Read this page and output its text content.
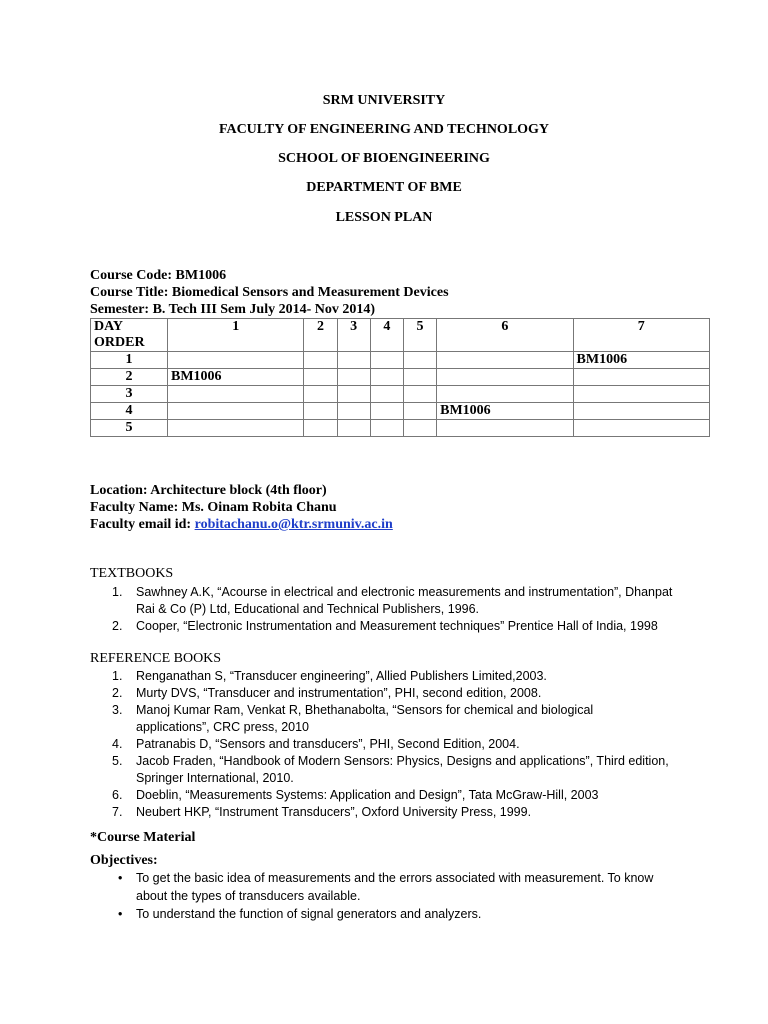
SRM UNIVERSITY
FACULTY OF ENGINEERING AND TECHNOLOGY
SCHOOL OF BIOENGINEERING
DEPARTMENT OF BME
LESSON PLAN
Course Code: BM1006
Course Title: Biomedical Sensors and Measurement Devices
Semester: B. Tech III Sem July 2014- Nov 2014)
DAY ORDER	1	2	3	4	5	6	7
1							BM1006
2	BM1006						
3							
4						BM1006	
5							
Location: Architecture block (4th floor)
Faculty Name: Ms. Oinam Robita Chanu
Faculty email id: robitachanu.o@ktr.srmuniv.ac.in
TEXTBOOKS
1. Sawhney A.K, “Acourse in electrical and electronic measurements and instrumentation”, Dhanpat
Rai & Co (P) Ltd, Educational and Technical Publishers, 1996.
2. Cooper, “Electronic Instrumentation and Measurement techniques” Prentice Hall of India, 1998
REFERENCE BOOKS
1. Renganathan S, “Transducer engineering”, Allied Publishers Limited,2003.
2. Murty DVS, “Transducer and instrumentation”, PHI, second edition, 2008.
3. Manoj Kumar Ram, Venkat R, Bhethanabolta, “Sensors for chemical and biological
applications”, CRC press, 2010
4. Patranabis D, “Sensors and transducers”, PHI, Second Edition, 2004.
5. Jacob Fraden, “Handbook of Modern Sensors: Physics, Designs and applications”, Third edition,
Springer International, 2010.
6. Doeblin, “Measurements Systems: Application and Design”, Tata McGraw-Hill, 2003
7. Neubert HKP, “Instrument Transducers”, Oxford University Press, 1999.
*Course Material
Objectives:
• To get the basic idea of measurements and the errors associated with measurement. To know
about the types of transducers available.
• To understand the function of signal generators and analyzers.
